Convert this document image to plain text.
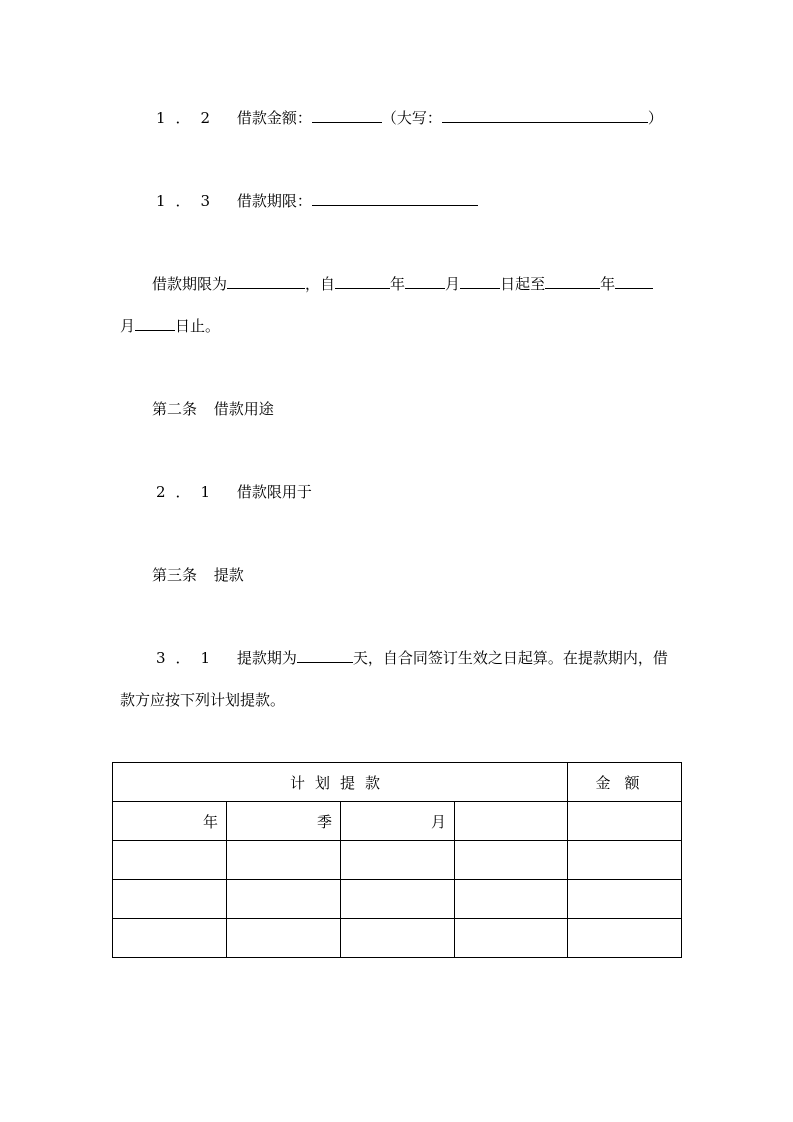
1．2 借款金额：	（大写：	）
1．3 借款期限：
借款期限为	，自	年	月	日起至	年
月	日止。
第二条 借款用途
2．1 借款限用于
第三条 提款
3．1 提款期为	天，自合同签订生效之日起算。在提款期内，借
款方应按下列计划提款。
计划提款				金额
年	季	月		
